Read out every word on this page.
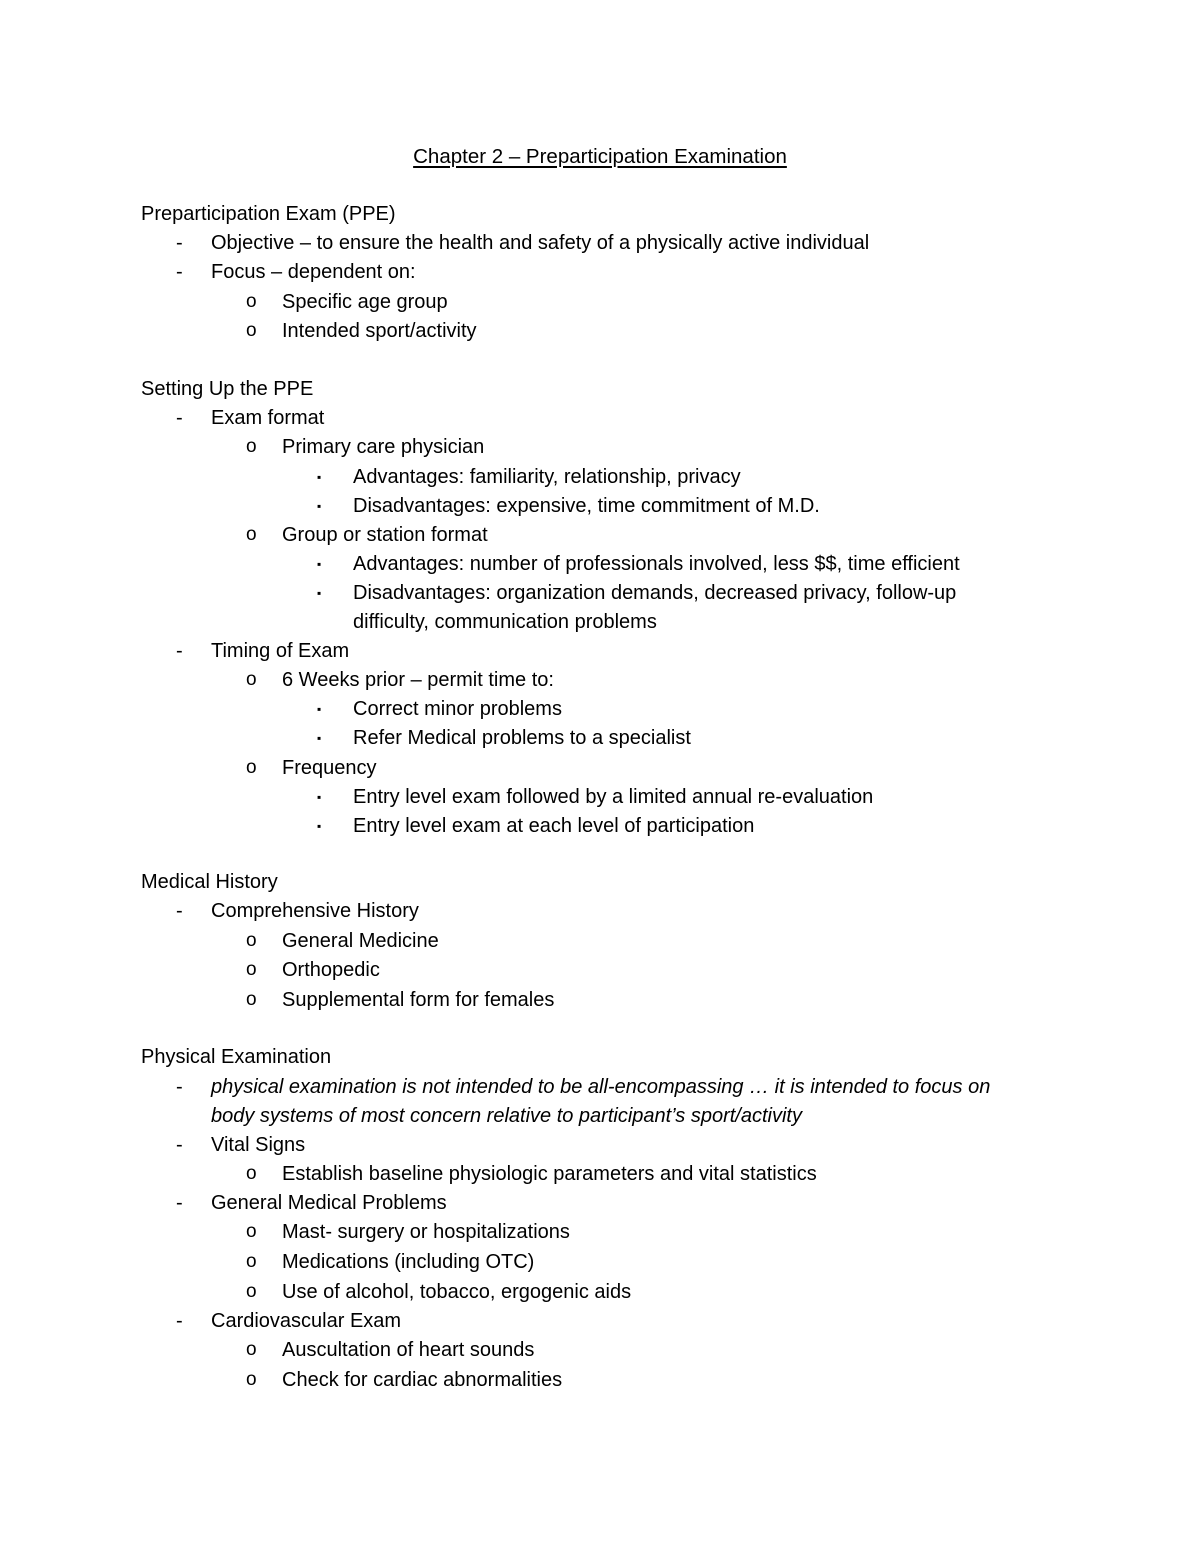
Chapter 2 – Preparticipation Examination
Preparticipation Exam (PPE)
- Objective – to ensure the health and safety of a physically active individual
- Focus – dependent on:
o Specific age group
o Intended sport/activity
Setting Up the PPE
- Exam format
o Primary care physician
▪ Advantages: familiarity, relationship, privacy
▪ Disadvantages: expensive, time commitment of M.D.
o Group or station format
▪ Advantages: number of professionals involved, less $$, time efficient
▪ Disadvantages: organization demands, decreased privacy, follow-up
difficulty, communication problems
- Timing of Exam
o 6 Weeks prior – permit time to:
▪ Correct minor problems
▪ Refer Medical problems to a specialist
o Frequency
▪ Entry level exam followed by a limited annual re-evaluation
▪ Entry level exam at each level of participation
Medical History
- Comprehensive History
o General Medicine
o Orthopedic
o Supplemental form for females
Physical Examination
- physical examination is not intended to be all-encompassing … it is intended to focus on
body systems of most concern relative to participant’s sport/activity
- Vital Signs
o Establish baseline physiologic parameters and vital statistics
- General Medical Problems
o Mast- surgery or hospitalizations
o Medications (including OTC)
o Use of alcohol, tobacco, ergogenic aids
- Cardiovascular Exam
o Auscultation of heart sounds
o Check for cardiac abnormalities
